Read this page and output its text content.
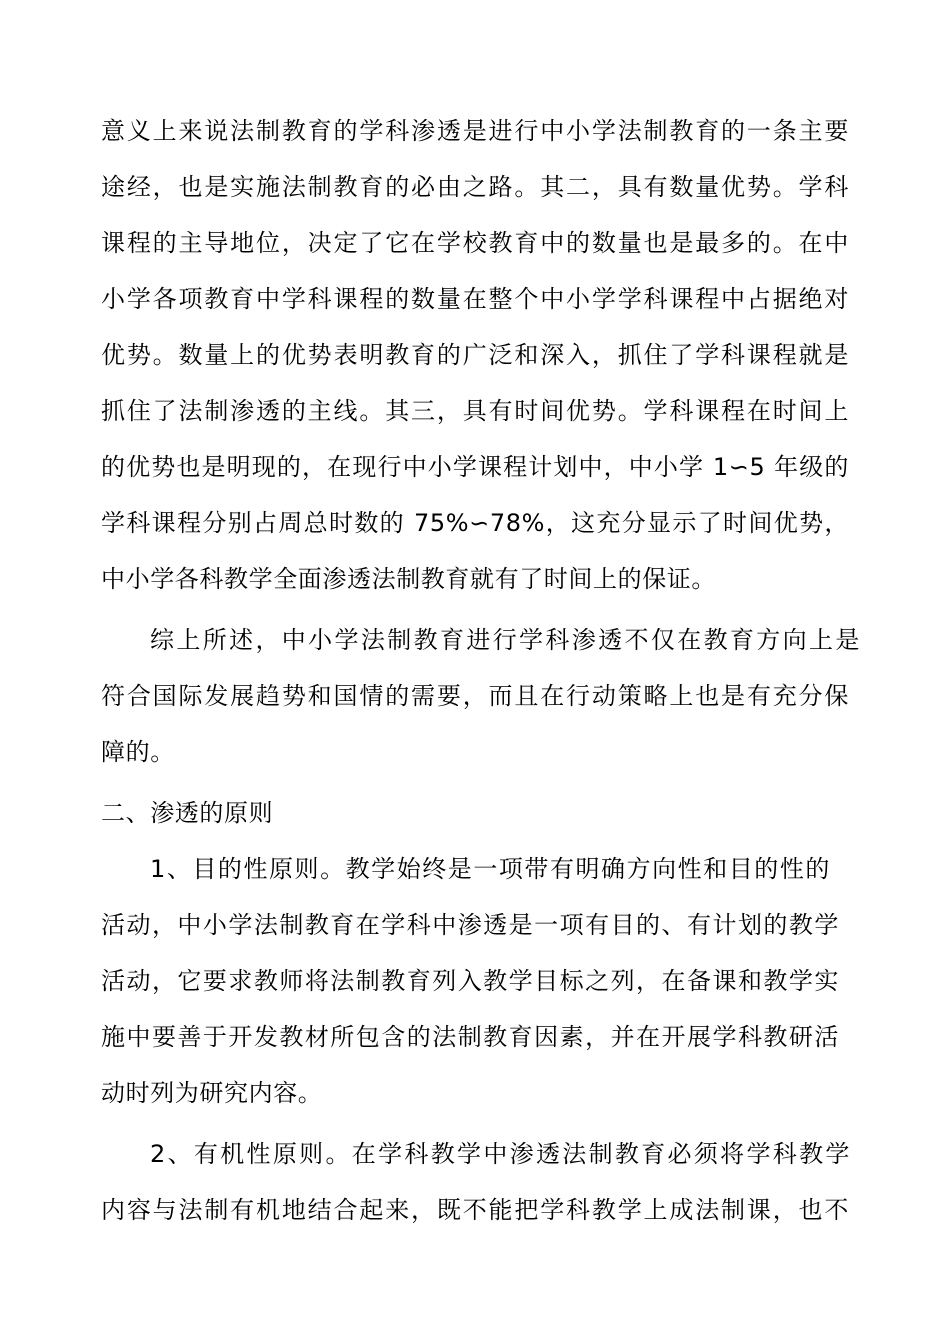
意义上来说法制教育的学科渗透是进行中小学法制教育的一条主要
途经，也是实施法制教育的必由之路。其二，具有数量优势。学科
课程的主导地位，决定了它在学校教育中的数量也是最多的。在中
小学各项教育中学科课程的数量在整个中小学学科课程中占据绝对
优势。数量上的优势表明教育的广泛和深入，抓住了学科课程就是
抓住了法制渗透的主线。其三，具有时间优势。学科课程在时间上
的优势也是明现的，在现行中小学课程计划中，中小学 1∽5 年级的
学科课程分别占周总时数的 75%∽78%，这充分显示了时间优势，
中小学各科教学全面渗透法制教育就有了时间上的保证。
综上所述，中小学法制教育进行学科渗透不仅在教育方向上是
符合国际发展趋势和国情的需要，而且在行动策略上也是有充分保
障的。
二、渗透的原则
1、目的性原则。教学始终是一项带有明确方向性和目的性的
活动，中小学法制教育在学科中渗透是一项有目的、有计划的教学
活动，它要求教师将法制教育列入教学目标之列，在备课和教学实
施中要善于开发教材所包含的法制教育因素，并在开展学科教研活
动时列为研究内容。
2、有机性原则。在学科教学中渗透法制教育必须将学科教学
内容与法制有机地结合起来，既不能把学科教学上成法制课，也不
